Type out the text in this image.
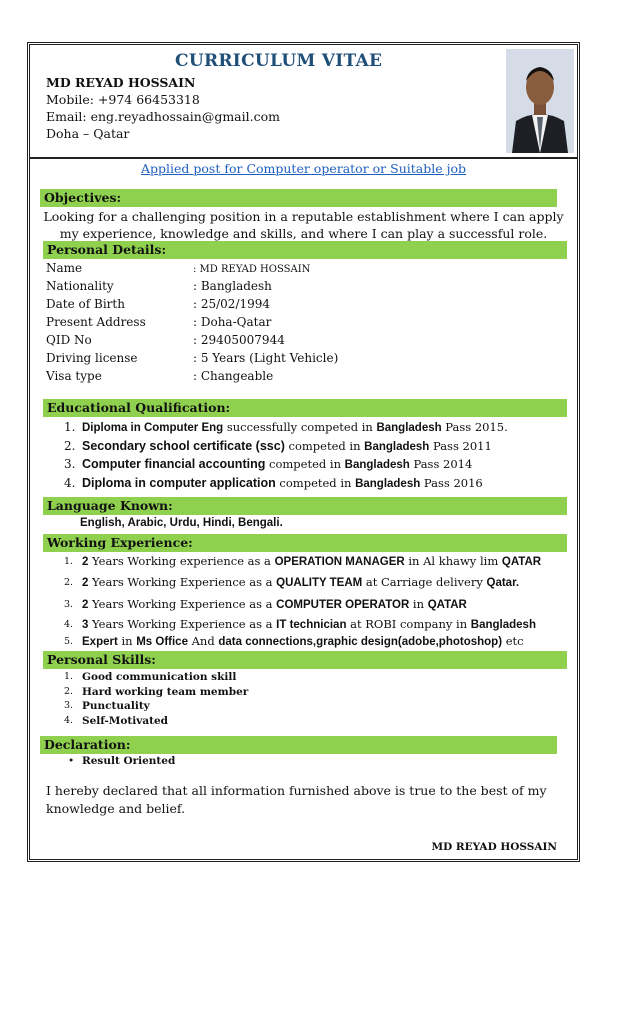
CURRICULUM VITAE
MD REYAD HOSSAIN
Mobile: +974 66453318
Email: eng.reyadhossain@gmail.com
Doha – Qatar
Applied post for Computer operator or Suitable job
Objectives:
Looking for a challenging position in a reputable establishment where I can apply
my experience, knowledge and skills, and where I can play a successful role.
Personal Details:
Name	: MD REYAD HOSSAIN
Nationality	: Bangladesh
Date of Birth	: 25/02/1994
Present Address	: Doha-Qatar
QID No	: 29405007944
Driving license	: 5 Years (Light Vehicle)
Visa type	: Changeable
Educational Qualification:
1. Diploma in Computer Eng successfully competed in Bangladesh Pass 2015.
2. Secondary school certificate (ssc) competed in Bangladesh Pass 2011
3. Computer financial accounting competed in Bangladesh Pass 2014
4. Diploma in computer application competed in Bangladesh Pass 2016
Language Known:
English, Arabic, Urdu, Hindi, Bengali.
Working Experience:
1. 2 Years Working experience as a OPERATION MANAGER in Al khawy lim QATAR
2. 2 Years Working Experience as a QUALITY TEAM at Carriage delivery Qatar.
3. 2 Years Working Experience as a COMPUTER OPERATOR in QATAR
4. 3 Years Working Experience as a IT technician at ROBI company in Bangladesh
5. Expert in Ms Office And data connections,graphic design(adobe,photoshop) etc
Personal Skills:
1. Good communication skill
2. Hard working team member
3. Punctuality
4. Self-Motivated
Declaration:
• Result Oriented
I hereby declared that all information furnished above is true to the best of my
knowledge and belief.
MD REYAD HOSSAIN
